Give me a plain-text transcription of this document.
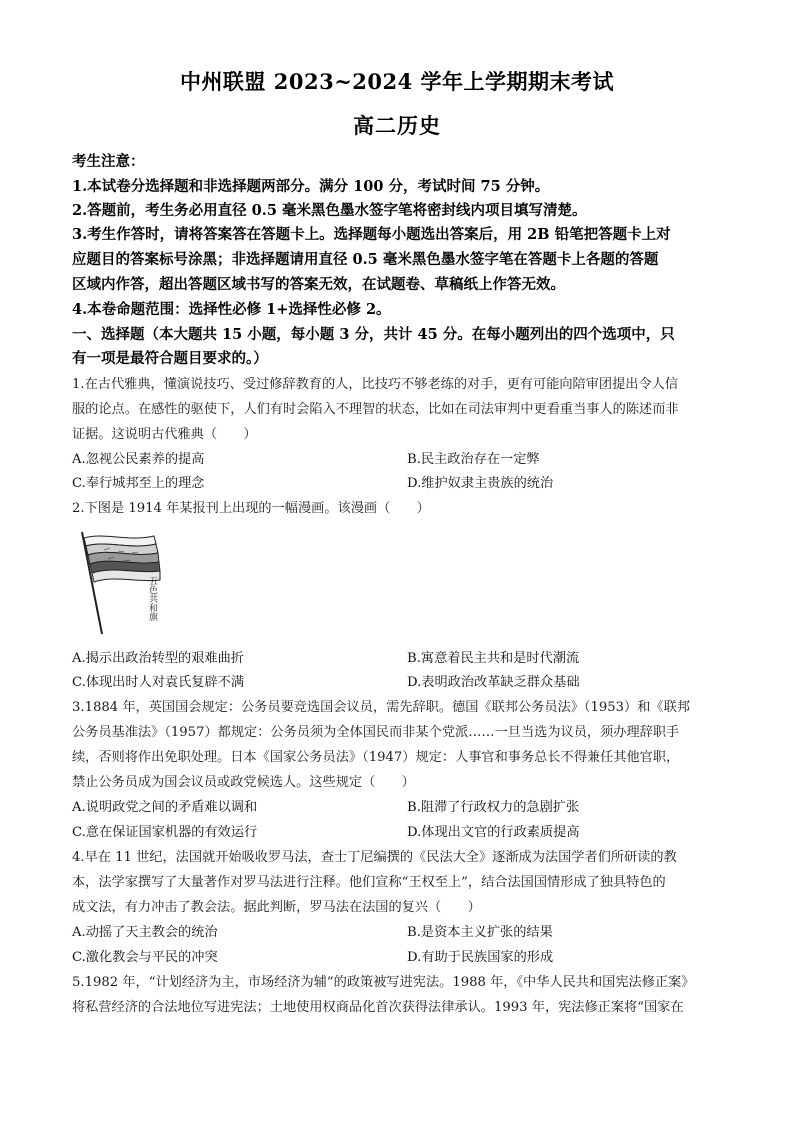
中州联盟 2023~2024 学年上学期期末考试
高二历史
考生注意：
1.本试卷分选择题和非选择题两部分。满分 100 分，考试时间 75 分钟。
2.答题前，考生务必用直径 0.5 毫米黑色墨水签字笔将密封线内项目填写清楚。
3.考生作答时，请将答案答在答题卡上。选择题每小题选出答案后，用 2B 铅笔把答题卡上对
应题目的答案标号涂黑；非选择题请用直径 0.5 毫米黑色墨水签字笔在答题卡上各题的答题
区域内作答，超出答题区域书写的答案无效，在试题卷、草稿纸上作答无效。
4.本卷命题范围：选择性必修 1+选择性必修 2。
一、选择题（本大题共 15 小题，每小题 3 分，共计 45 分。在每小题列出的四个选项中，只
有一项是最符合题目要求的。）
1.在古代雅典，懂演说技巧、受过修辞教育的人，比技巧不够老练的对手，更有可能向陪审团提出令人信
服的论点。在感性的驱使下，人们有时会陷入不理智的状态，比如在司法审判中更看重当事人的陈述而非
证据。这说明古代雅典（　　）
A.忽视公民素养的提高	B.民主政治存在一定弊
C.奉行城邦至上的理念	D.维护奴隶主贵族的统治
2.下图是 1914 年某报刊上出现的一幅漫画。该漫画（　　）
五色共和旗
A.揭示出政治转型的艰难曲折	B.寓意着民主共和是时代潮流
C.体现出时人对袁氏复辟不满	D.表明政治改革缺乏群众基础
3.1884 年，英国国会规定：公务员要竞选国会议员，需先辞职。德国《联邦公务员法》（1953）和《联邦
公务员基准法》（1957）都规定：公务员须为全体国民而非某个党派……一旦当选为议员，须办理辞职手
续，否则将作出免职处理。日本《国家公务员法》（1947）规定：人事官和事务总长不得兼任其他官职，
禁止公务员成为国会议员或政党候选人。这些规定（　　）
A.说明政党之间的矛盾难以调和	B.阻滞了行政权力的急剧扩张
C.意在保证国家机器的有效运行	D.体现出文官的行政素质提高
4.早在 11 世纪，法国就开始吸收罗马法，查士丁尼编撰的《民法大全》逐渐成为法国学者们所研读的教
本，法学家撰写了大量著作对罗马法进行注释。他们宣称“王权至上”，结合法国国情形成了独具特色的
成文法，有力冲击了教会法。据此判断，罗马法在法国的复兴（　　）
A.动摇了天主教会的统治	B.是资本主义扩张的结果
C.激化教会与平民的冲突	D.有助于民族国家的形成
5.1982 年，“计划经济为主，市场经济为辅”的政策被写进宪法。1988 年，《中华人民共和国宪法修正案》
将私营经济的合法地位写进宪法；土地使用权商品化首次获得法律承认。1993 年，宪法修正案将“国家在
